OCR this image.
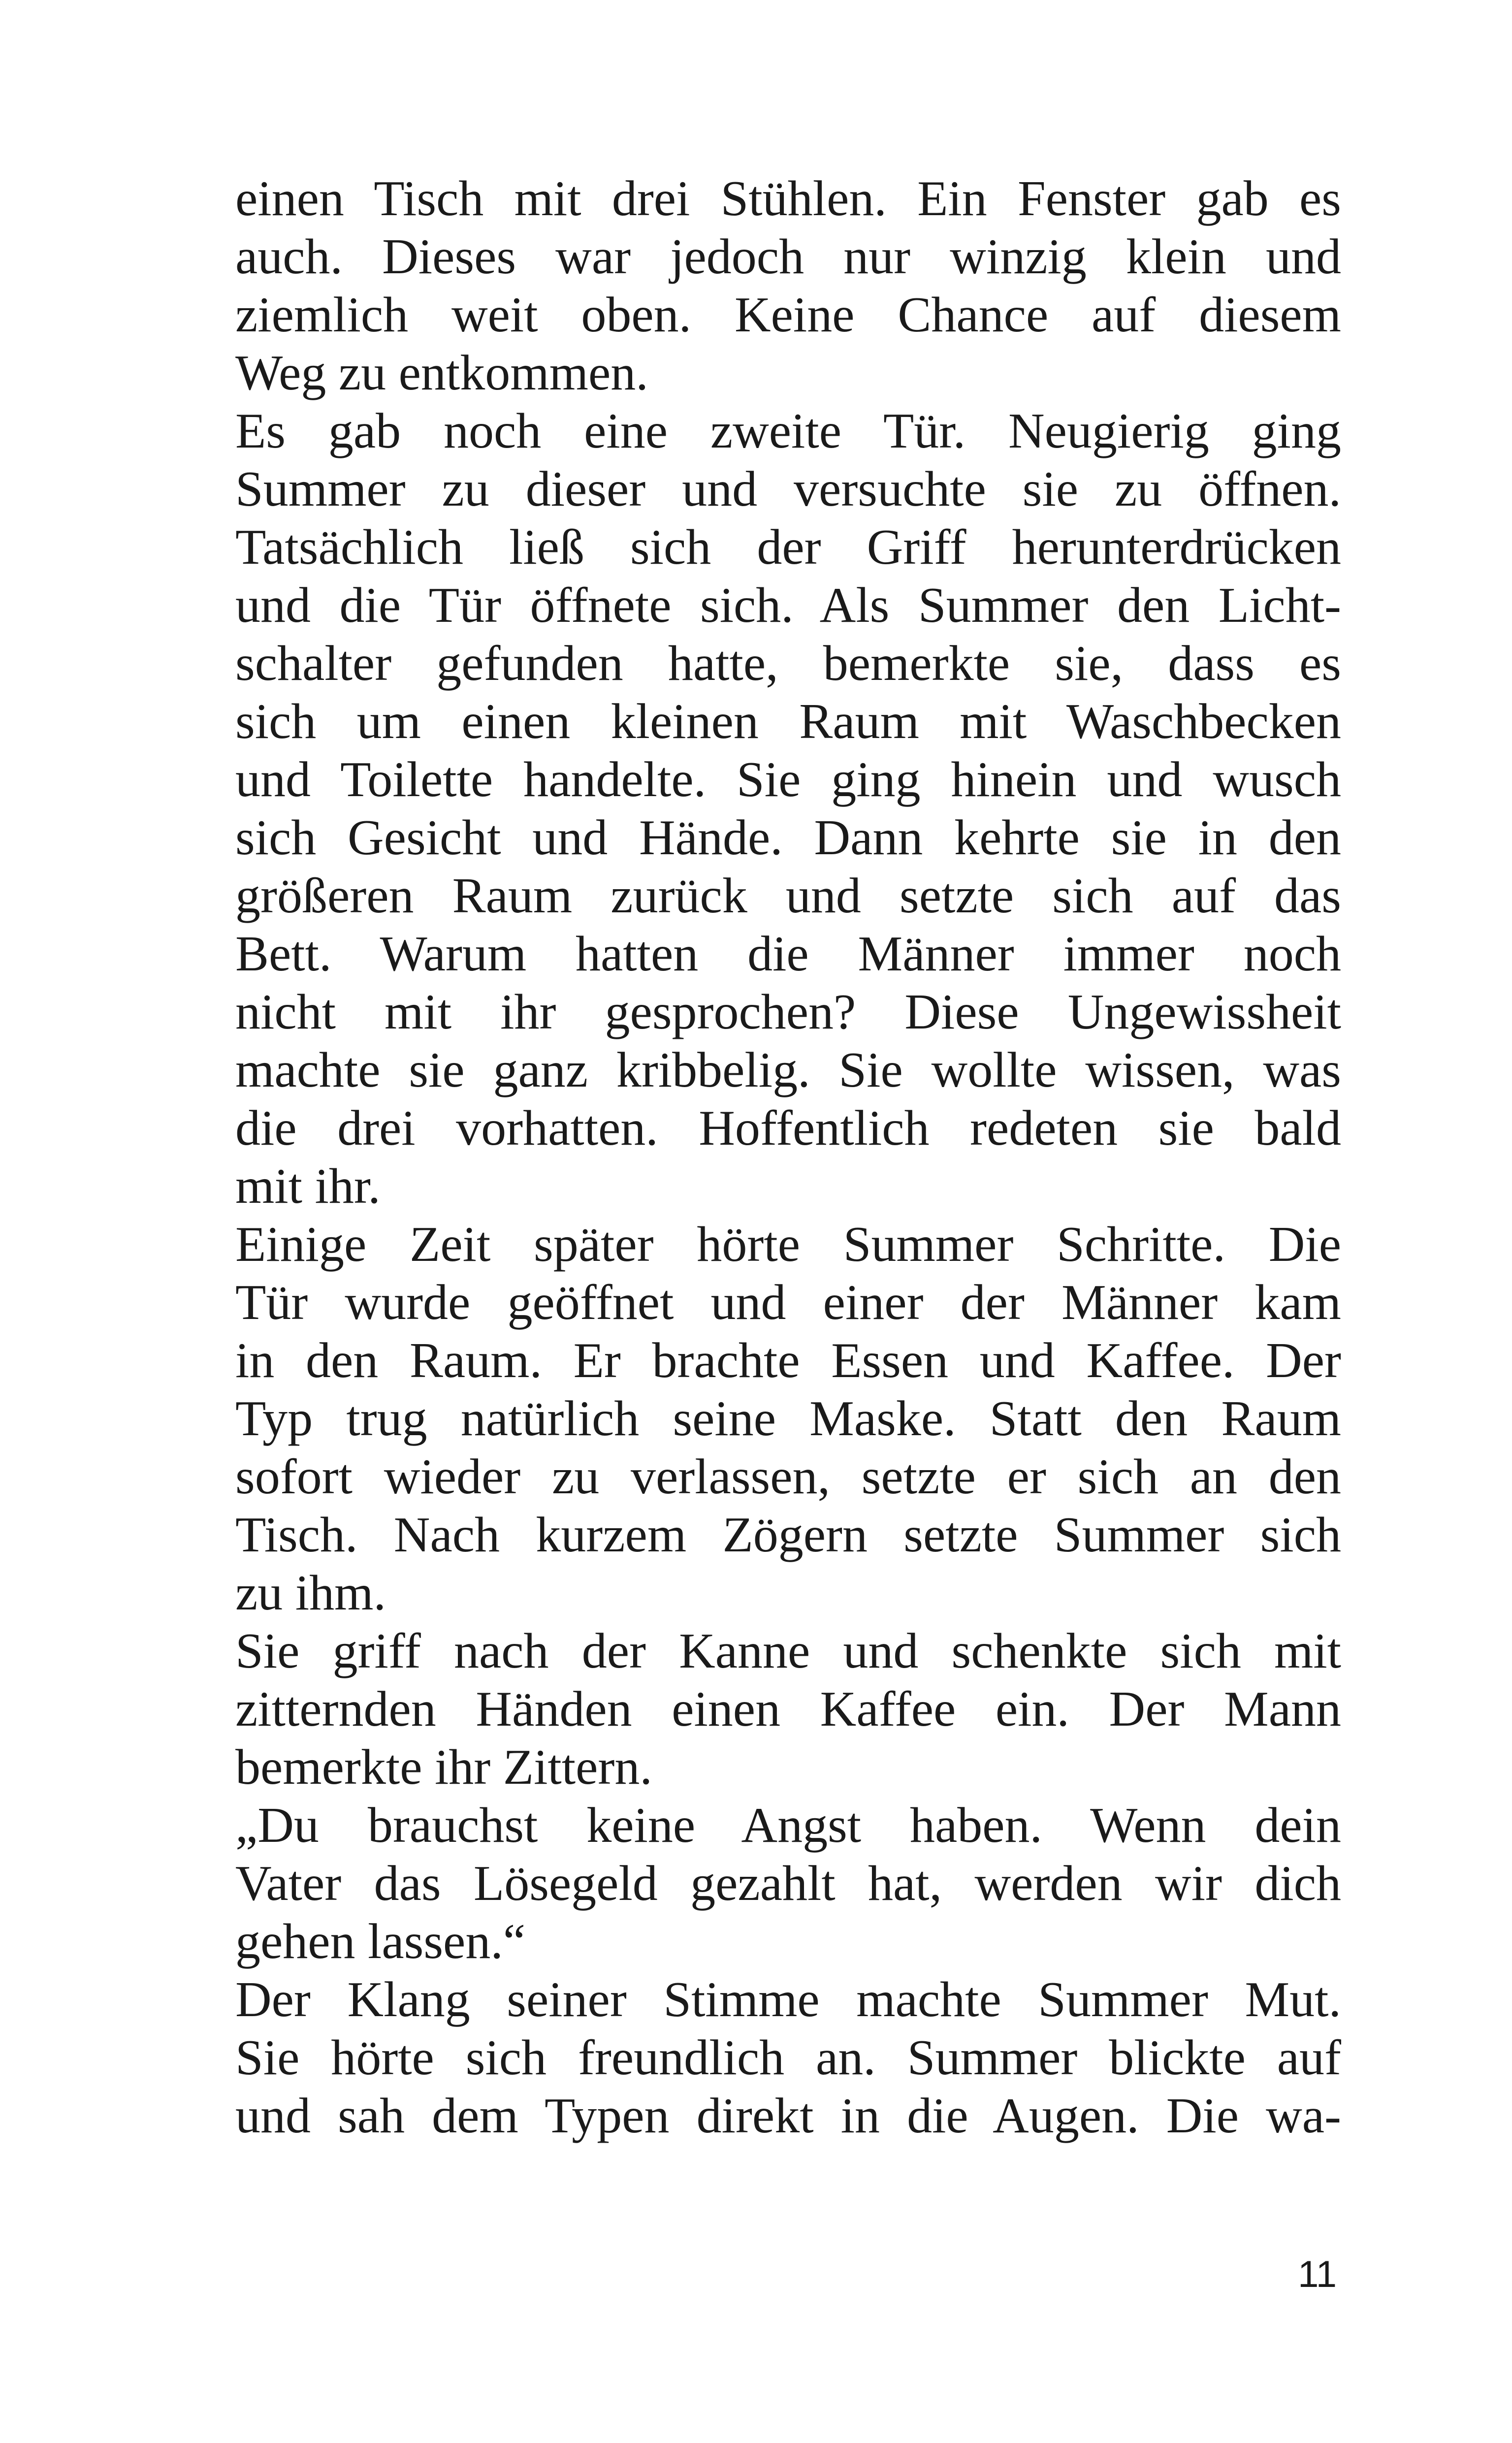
einen Tisch mit drei Stühlen. Ein Fenster gab es
auch. Dieses war jedoch nur winzig klein und
ziemlich weit oben. Keine Chance auf diesem
Weg zu entkommen.
Es gab noch eine zweite Tür. Neugierig ging
Summer zu dieser und versuchte sie zu öffnen.
Tatsächlich ließ sich der Griff herunterdrücken
und die Tür öffnete sich. Als Summer den Licht-
schalter gefunden hatte, bemerkte sie, dass es
sich um einen kleinen Raum mit Waschbecken
und Toilette handelte. Sie ging hinein und wusch
sich Gesicht und Hände. Dann kehrte sie in den
größeren Raum zurück und setzte sich auf das
Bett. Warum hatten die Männer immer noch
nicht mit ihr gesprochen? Diese Ungewissheit
machte sie ganz kribbelig. Sie wollte wissen, was
die drei vorhatten. Hoffentlich redeten sie bald
mit ihr.
Einige Zeit später hörte Summer Schritte. Die
Tür wurde geöffnet und einer der Männer kam
in den Raum. Er brachte Essen und Kaffee. Der
Typ trug natürlich seine Maske. Statt den Raum
sofort wieder zu verlassen, setzte er sich an den
Tisch. Nach kurzem Zögern setzte Summer sich
zu ihm.
Sie griff nach der Kanne und schenkte sich mit
zitternden Händen einen Kaffee ein. Der Mann
bemerkte ihr Zittern.
„Du brauchst keine Angst haben. Wenn dein
Vater das Lösegeld gezahlt hat, werden wir dich
gehen lassen.“
Der Klang seiner Stimme machte Summer Mut.
Sie hörte sich freundlich an. Summer blickte auf
und sah dem Typen direkt in die Augen. Die wa-
11
